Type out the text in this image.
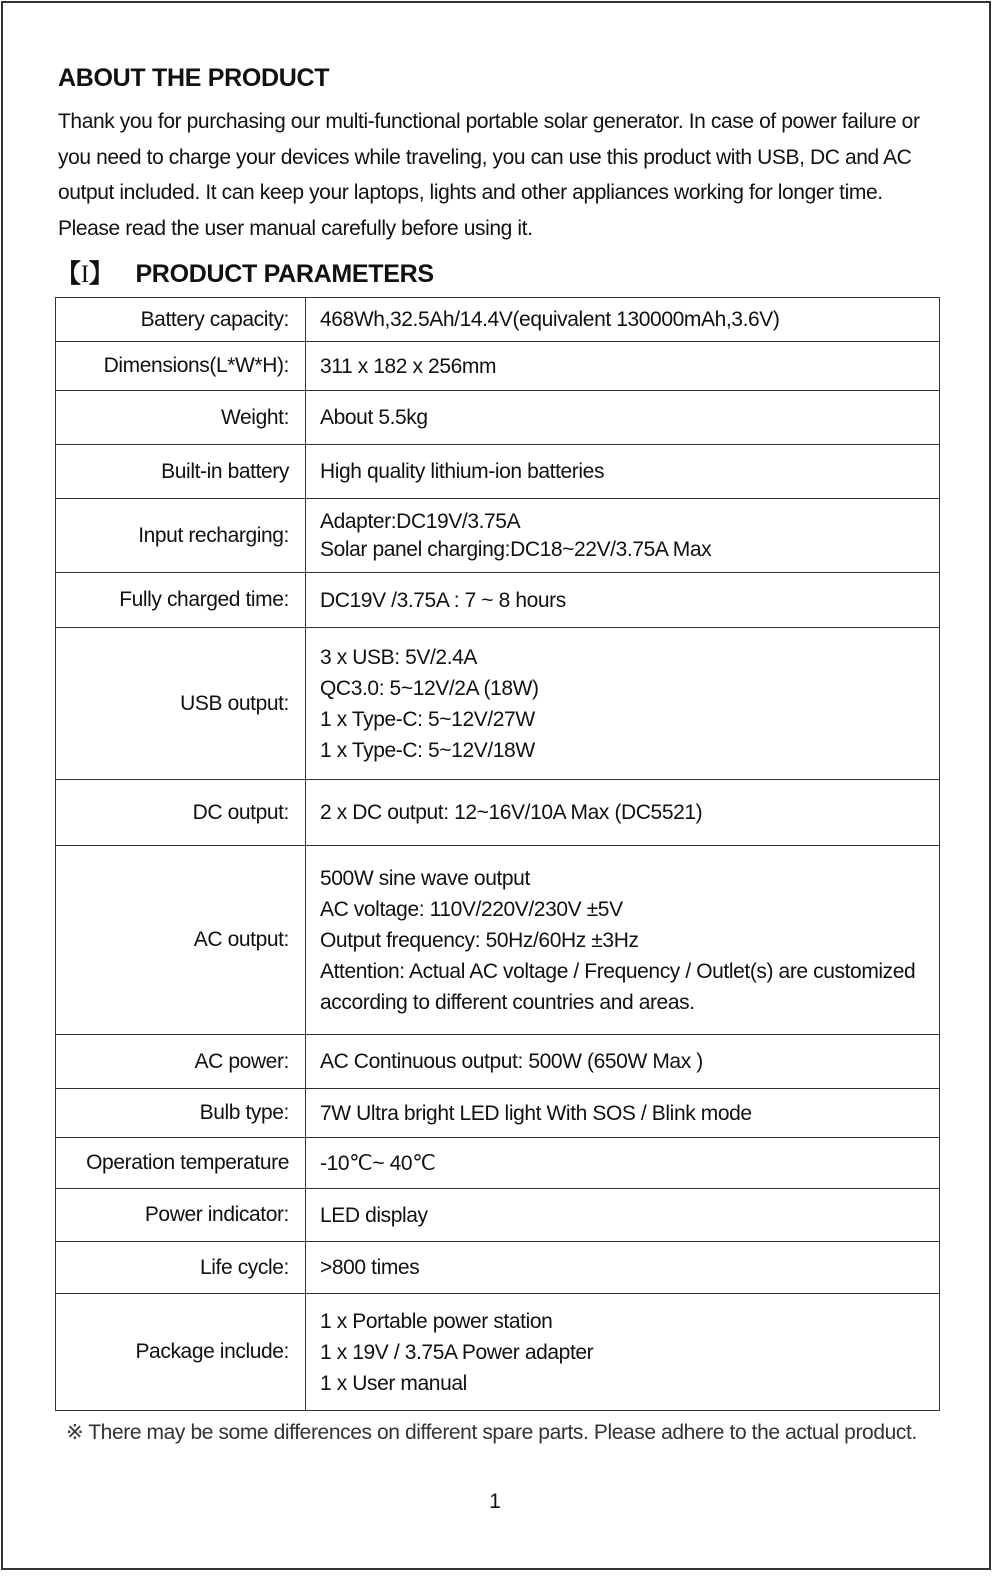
ABOUT THE PRODUCT
Thank you for purchasing our multi-functional portable solar generator. In case of power failure or you need to charge your devices while traveling, you can use this product with USB, DC and AC output included. It can keep your laptops, lights and other appliances working for longer time. Please read the user manual carefully before using it.
【I】 PRODUCT PARAMETERS
Battery capacity:	468Wh,32.5Ah/14.4V(equivalent 130000mAh,3.6V)

Dimensions(L*W*H):	311 x 182 x 256mm

Weight:	About 5.5kg

Built-in battery	High quality lithium-ion batteries

Input recharging:	Adapter:DC19V/3.75A
Solar panel charging:DC18~22V/3.75A Max

Fully charged time:	DC19V /3.75A : 7 ~ 8 hours

USB output:	3 x USB: 5V/2.4A
QC3.0: 5~12V/2A (18W)
1 x Type-C: 5~12V/27W
1 x Type-C: 5~12V/18W

DC output:	2 x DC output: 12~16V/10A Max (DC5521)

AC output:	500W sine wave output
AC voltage: 110V/220V/230V ±5V
Output frequency: 50Hz/60Hz ±3Hz
Attention: Actual AC voltage / Frequency / Outlet(s) are customized
according to different countries and areas.

AC power:	AC Continuous output: 500W (650W Max )

Bulb type:	7W Ultra bright LED light With SOS / Blink mode

Operation temperature	-10℃~ 40℃

Power indicator:	LED display

Life cycle:	>800 times

Package include:	1 x Portable power station
1 x 19V / 3.75A Power adapter
1 x User manual
※ There may be some differences on different spare parts. Please adhere to the actual product.
1
